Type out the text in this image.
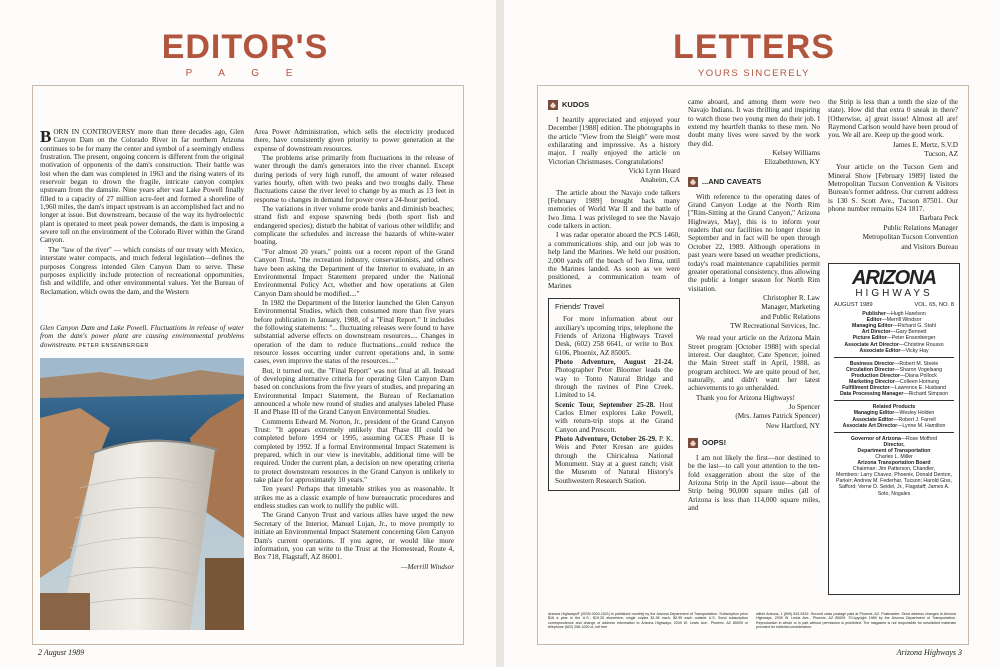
EDITOR'S
P A G E

BORN IN CONTROVERSY more than three decades ago, Glen Canyon Dam on the Colorado River in far northern Arizona continues to be for many the center and symbol of a seemingly endless frustration. The present, ongoing concern is different from the original motivation of opponents of the dam's construction. Their battle was lost when the dam was completed in 1963 and the rising waters of its reservoir began to drown the fragile, intricate canyon complex upstream from the damsite. Nine years after vast Lake Powell finally filled to a capacity of 27 million acre-feet and formed a shoreline of 1,960 miles, the dam's impact upstream is an accomplished fact and no longer at issue. But downstream, because of the way its hydroelectric plant is operated to meet peak power demands, the dam is imposing a severe toll on the environment of the Colorado River within the Grand Canyon.

The "law of the river" — which consists of our treaty with Mexico, interstate water compacts, and much federal legislation—defines the purposes Congress intended Glen Canyon Dam to serve. These purposes explicitly include protection of recreational opportunities, fish and wildlife, and other environmental values. Yet the Bureau of Reclamation, which owns the dam, and the Western

Glen Canyon Dam and Lake Powell. Fluctuations in release of water from the dam's power plant are causing environmental problems downstream. PETER ENSENBERGER

Area Power Administration, which sells the electricity produced there, have consistently given priority to power generation at the expense of downstream resources.

The problems arise primarily from fluctuations in the release of water through the dam's generators into the river channel. Except during periods of very high runoff, the amount of water released varies hourly, often with two peaks and two troughs daily. These fluctuations cause the river level to change by as much as 13 feet in response to changes in demand for power over a 24-hour period.

The variations in river volume erode banks and diminish beaches; strand fish and expose spawning beds (both sport fish and endangered species); disturb the habitat of various other wildlife; and complicate the schedules and increase the hazards of white-water boating.

"For almost 20 years," points out a recent report of the Grand Canyon Trust, "the recreation industry, conservationists, and others have been asking the Department of the Interior to evaluate, in an Environmental Impact Statement prepared under the National Environmental Policy Act, whether and how operations at Glen Canyon Dam should be modified...."

In 1982 the Department of the Interior launched the Glen Canyon Environmental Studies, which then consumed more than five years before publication in January, 1988, of a "Final Report." It includes the following statements: "... fluctuating releases were found to have substantial adverse effects on downstream resources.... Changes in operation of the dam to reduce fluctuations...could reduce the resource losses occurring under current operations and, in some cases, even improve the status of the resources...."

But, it turned out, the "Final Report" was not final at all. Instead of developing alternative criteria for operating Glen Canyon Dam based on conclusions from the five years of studies, and preparing an Environmental Impact Statement, the Bureau of Reclamation announced a whole new round of studies and analyses labeled Phase II and Phase III of the Grand Canyon Environmental Studies.

Comments Edward M. Norton, Jr., president of the Grand Canyon Trust: "It appears extremely unlikely that Phase III could be completed before 1994 or 1995, assuming GCES Phase II is completed by 1992. If a formal Environmental Impact Statement is prepared, which in our view is inevitable, additional time will be required. Under the current plan, a decision on new operating criteria to protect downstream resources in the Grand Canyon is unlikely to take place for approximately 10 years."

Ten years! Perhaps that timetable strikes you as reasonable. It strikes me as a classic example of how bureaucratic procedures and endless studies can work to nullify the public will.

The Grand Canyon Trust and various allies have urged the new Secretary of the Interior, Manuel Lujan, Jr., to move promptly to initiate an Environmental Impact Statement concerning Glen Canyon Dam's current operations. If you agree, or would like more information, you can write to the Trust at the Homestead, Route 4, Box 718, Flagstaff, AZ 86001.

—Merrill Windsor

2 August 1989
LETTERS
YOURS SINCERELY
KUDOS

I heartily appreciated and enjoyed your December [1988] edition. The photographs in the article "View from the Sleigh" were most exhilarating and impressive. As a history major, I really enjoyed the article on Victorian Christmases. Congratulations!

Vicki Lynn Heard

Anaheim, CA

The article about the Navajo code talkers [February 1989] brought back many memories of World War II and the battle of Iwo Jima. I was privileged to see the Navajo code talkers in action.

I was radar operator aboard the PCS 1460, a communications ship, and our job was to help land the Marines. We held our position, 2,000 yards off the beach of Iwo Jima, until the Marines landed. As soon as we were positioned, a communication team of Marines

Friends' Travel

For more information about our auxiliary's upcoming trips, telephone the Friends of Arizona Highways Travel Desk, (602) 258 6641, or write to Box 6106, Phoenix, AZ 85005.

Photo Adventure, August 21-24. Photographer Peter Bloomer leads the way to Tonto Natural Bridge and through the ravines of Pine Creek. Limited to 14.

Scenic Tour, September 25-28. Host Carlos Elmer explores Lake Powell, with return-trip stops at the Grand Canyon and Prescott.

Photo Adventure, October 26-29. P. K. Weis and Peter Kresan are guides through the Chiricahua National Monument. Stay at a guest ranch; visit the Museum of Natural History's Southwestern Research Station.

came aboard, and among them were two Navajo Indians. It was thrilling and inspiring to watch those two young men do their job. I extend my heartfelt thanks to these men. No doubt many lives were saved by the work they did.

Kelsey Williams

Elizabethtown, KY

...AND CAVEATS

With reference to the operating dates of Grand Canyon Lodge at the North Rim ["Rim-Sitting at the Grand Canyon," Arizona Highways, May], this is to inform your readers that our facilities no longer close in September and in fact will be open through October 22, 1989. Although operations in past years were based on weather predictions, today's road maintenance capabilities permit greater operational consistency, thus allowing the public a longer season for North Rim visitation.

Christopher R. Law

Manager, Marketing

and Public Relations

TW Recreational Services, Inc.

We read your article on the Arizona Main Street program [October 1988] with special interest. Our daughter, Cate Spencer, joined the Main Street staff in April, 1988, as program architect. We are quite proud of her, naturally, and didn't want her latest achievements to go unheralded.

Thank you for Arizona Highways!

Jo Spencer

(Mrs. James Patrick Spencer)

New Hartford, NY

OOPS!

I am not likely the first—nor destined to be the last—to call your attention to the ten-fold exaggeration about the size of the Arizona Strip in the April issue—about the Strip being 90,000 square miles (all of Arizona is less than 114,000 square miles, and

the Strip is less than a tenth the size of the state). How did that extra 0 sneak in there? [Otherwise, a] great issue! Almost all are! Raymond Carlson would have been proud of you. We all are. Keep up the good work.

James E. Mertz, S.V.D

Tucson, AZ

Your article on the Tucson Gem and Mineral Show [February 1989] listed the Metropolitan Tucson Convention & Visitors Bureau's former address. Our current address is 130 S. Scott Ave., Tucson 87501. Our phone number remains 624 1817.

Barbara Peck

Public Relations Manager

Metropolitan Tucson Convention

and Visitors Bureau

ARIZONA
HIGHWAYS
AUGUST 1989	VOL. 65, NO. 8
Publisher—Hugh Harelson
Editor—Merrill Windsor
Managing Editor—Richard G. Stahl
Art Director—Gary Bennett
Picture Editor—Peter Ensenberger
Associate Art Director—Christine Rousso
Associate Editor—Vicky Hay
Business Director—Robert M. Steele
Circulation Director—Sharon Vogelsang
Production Director—Diana Pollock
Marketing Director—Colleen Hornung
Fulfillment Director—Lawrence E. Husband
Data Processing Manager—Richard Simpson
Related Products
Managing Editor—Wesley Holden
Associate Editor—Robert J. Farrell
Associate Art Director—Lynne M. Hamilton
Governor of Arizona—Rose Mofford
Director,
Department of Transportation
Charles L. Miller
Arizona Transportation Board
Chairman: Jim Patterson, Chandler,
Members: Larry Chavez, Phoenix, Donald Denton, Parker; Andrew M. Federhar, Tucson; Harold Giss, Safford; Verne D. Seidel, Jr., Flagstaff; James A. Soto, Nogales
Arizona Highways® (ISSN 0004-1521) is published monthly by the Arizona Department of Transportation. Subscription price $16 a year in the U.S., $19.25 elsewhere; single copies $1.95 each, $2.95 each outside U.S. Send subscription correspondence and change of address information to Arizona Highways, 2039 W. Lewis Ave., Phoenix, AZ 85009 or telephone (602) 258-1000 or, toll free
within Arizona, 1 (800) 543-5432. Second class postage paid at Phoenix, AZ. Postmaster: Send address changes to Arizona Highways, 2039 W. Lewis Ave., Phoenix, AZ 85009. ©Copyright 1989 by the Arizona Department of Transportation. Reproduction in whole or in part without permission is prohibited. The magazine is not responsible for unsolicited materials provided for editorial consideration.
Arizona Highways 3
